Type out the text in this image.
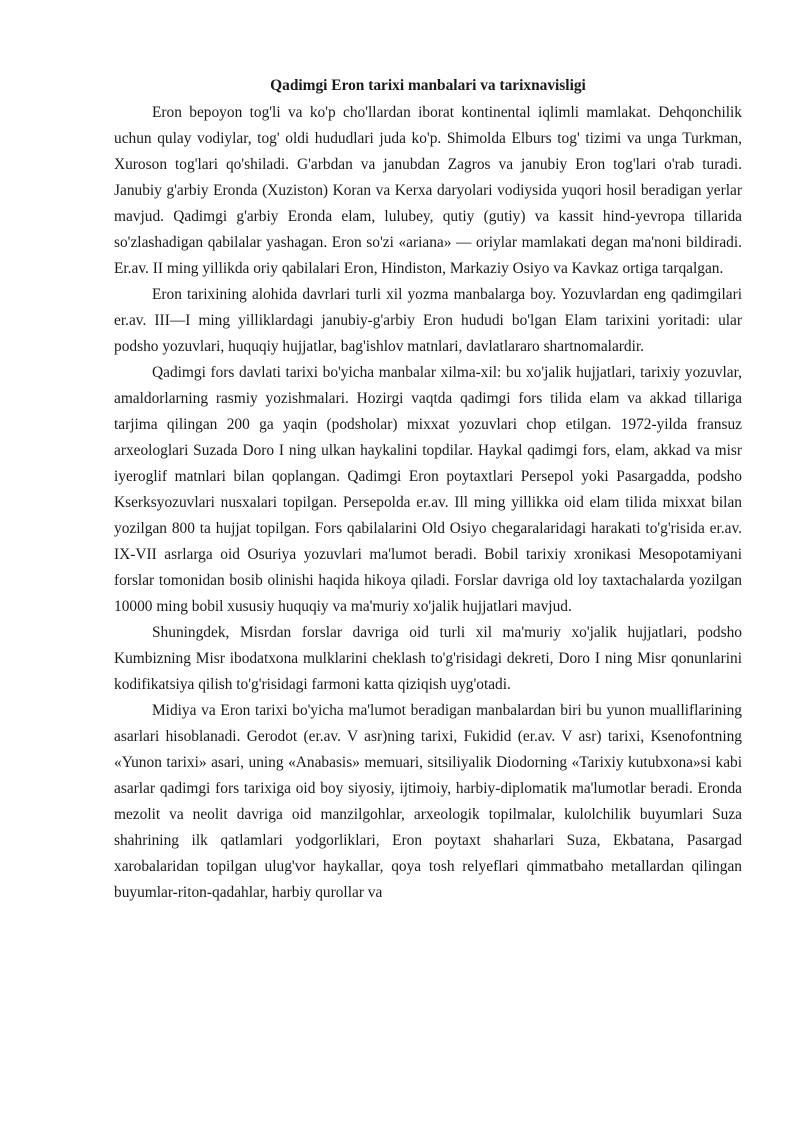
Qadimgi Eron tarixi manbalari va tarixnavisligi

Eron bepoyon tog'li va ko'p cho'llardan iborat kontinental iqlimli mamlakat. Dehqonchilik uchun qulay vodiylar, tog' oldi hududlari juda ko'p. Shimolda Elburs tog' tizimi va unga Turkman, Xuroson tog'lari qo'shiladi. G'arbdan va janubdan Zagros va janubiy Eron tog'lari o'rab turadi. Janubiy g'arbiy Eronda (Xuziston) Koran va Kerxa daryolari vodiysida yuqori hosil beradigan yerlar mavjud. Qadimgi g'arbiy Eronda elam, lulubey, qutiy (gutiy) va kassit hind-yevropa tillarida so'zlashadigan qabilalar yashagan. Eron so'zi «ariana» — oriylar mamlakati degan ma'noni bildiradi. Er.av. II ming yillikda oriy qabilalari Eron, Hindiston, Markaziy Osiyo va Kavkaz ortiga tarqalgan.

Eron tarixining alohida davrlari turli xil yozma manbalarga boy. Yozuvlardan eng qadimgilari er.av. III—I ming yilliklardagi janubiy-g'arbiy Eron hududi bo'lgan Elam tarixini yoritadi: ular podsho yozuvlari, huquqiy hujjatlar, bag'ishlov matnlari, davlatlararo shartnomalardir.

Qadimgi fors davlati tarixi bo'yicha manbalar xilma-xil: bu xo'jalik hujjatlari, tarixiy yozuvlar, amaldorlarning rasmiy yozishmalari. Hozirgi vaqtda qadimgi fors tilida elam va akkad tillariga tarjima qilingan 200 ga yaqin (podsholar) mixxat yozuvlari chop etilgan. 1972-yilda fransuz arxeologlari Suzada Doro I ning ulkan haykalini topdilar. Haykal qadimgi fors, elam, akkad va misr iyeroglif matnlari bilan qoplangan. Qadimgi Eron poytaxtlari Persepol yoki Pasargadda, podsho Kserksyozuvlari nusxalari topilgan. Persepolda er.av. Ill ming yillikka oid elam tilida mixxat bilan yozilgan 800 ta hujjat topilgan. Fors qabilalarini Old Osiyo chegaralaridagi harakati to'g'risida er.av. IX-VII asrlarga oid Osuriya yozuvlari ma'lumot beradi. Bobil tarixiy xronikasi Mesopotamiyani forslar tomonidan bosib olinishi haqida hikoya qiladi. Forslar davriga old loy taxtachalarda yozilgan 10000 ming bobil xususiy huquqiy va ma'muriy xo'jalik hujjatlari mavjud.

Shuningdek, Misrdan forslar davriga oid turli xil ma'muriy xo'jalik hujjatlari, podsho Kumbizning Misr ibodatxona mulklarini cheklash to'g'risidagi dekreti, Doro I ning Misr qonunlarini kodifikatsiya qilish to'g'risidagi farmoni katta qiziqish uyg'otadi.

Midiya va Eron tarixi bo'yicha ma'lumot beradigan manbalardan biri bu yunon mualliflarining asarlari hisoblanadi. Gerodot (er.av. V asr)ning tarixi, Fukidid (er.av. V asr) tarixi, Ksenofontning «Yunon tarixi» asari, uning «Anabasis» memuari, sitsiliyalik Diodorning «Tarixiy kutubxona»si kabi asarlar qadimgi fors tarixiga oid boy siyosiy, ijtimoiy, harbiy-diplomatik ma'lumotlar beradi. Eronda mezolit va neolit davriga oid manzilgohlar, arxeologik topilmalar, kulolchilik buyumlari Suza shahrining ilk qatlamlari yodgorliklari, Eron poytaxt shaharlari Suza, Ekbatana, Pasargad xarobalaridan topilgan ulug'vor haykallar, qoya tosh relyeflari qimmatbaho metallardan qilingan buyumlar-riton-qadahlar, harbiy qurollar va
